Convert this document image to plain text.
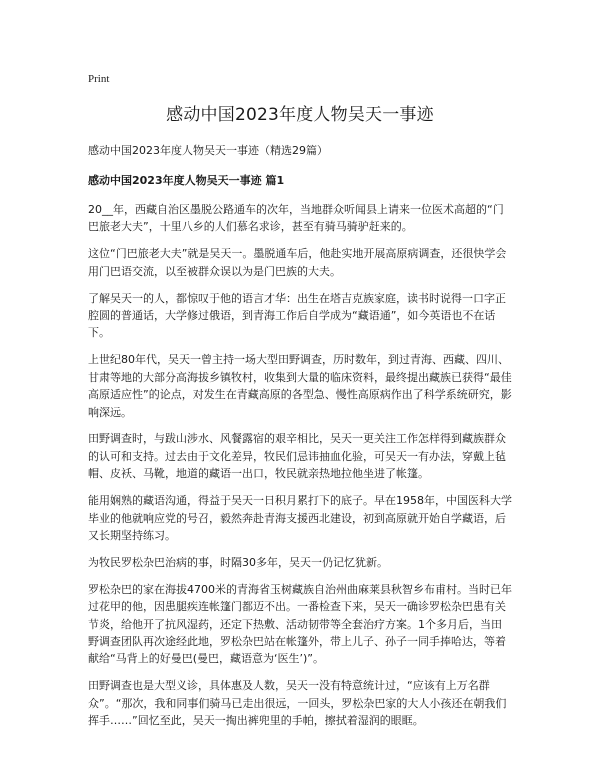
Print
感动中国2023年度人物吴天一事迹
感动中国2023年度人物吴天一事迹（精选29篇）
感动中国2023年度人物吴天一事迹 篇1

20__年，西藏自治区墨脱公路通车的次年，当地群众听闻县上请来一位医术高超的“门巴旅老大夫”，十里八乡的人们慕名求诊，甚至有骑马骑驴赶来的。

这位“门巴旅老大夫”就是吴天一。墨脱通车后，他赴实地开展高原病调查，还很快学会用门巴语交流，以至被群众误以为是门巴族的大夫。

了解吴天一的人，都惊叹于他的语言才华：出生在塔吉克族家庭，读书时说得一口字正腔圆的普通话，大学修过俄语，到青海工作后自学成为“藏语通”，如今英语也不在话下。

上世纪80年代，吴天一曾主持一场大型田野调查，历时数年，到过青海、西藏、四川、甘肃等地的大部分高海拔乡镇牧村，收集到大量的临床资料，最终提出藏族已获得“最佳高原适应性”的论点，对发生在青藏高原的各型急、慢性高原病作出了科学系统研究，影响深远。

田野调查时，与跋山涉水、风餐露宿的艰辛相比，吴天一更关注工作怎样得到藏族群众的认可和支持。过去由于文化差异，牧民们忌讳抽血化验，可吴天一有办法，穿戴上毡帽、皮袄、马靴，地道的藏语一出口，牧民就亲热地拉他坐进了帐篷。

能用娴熟的藏语沟通，得益于吴天一日积月累打下的底子。早在1958年，中国医科大学毕业的他就响应党的号召，毅然奔赴青海支援西北建设，初到高原就开始自学藏语，后又长期坚持练习。

为牧民罗松杂巴治病的事，时隔30多年，吴天一仍记忆犹新。

罗松杂巴的家在海拔4700米的青海省玉树藏族自治州曲麻莱县秋智乡布甫村。当时已年过花甲的他，因患腿疾连帐篷门都迈不出。一番检查下来，吴天一确诊罗松杂巴患有关节炎，给他开了抗风湿药，还定下热敷、活动韧带等全套治疗方案。1个多月后，当田野调查团队再次途经此地，罗松杂巴站在帐篷外，带上儿子、孙子一同手捧哈达，等着献给“马背上的好曼巴(曼巴，藏语意为‘医生’)”。

田野调查也是大型义诊，具体惠及人数，吴天一没有特意统计过，“应该有上万名群众”。“那次，我和同事们骑马已走出很远，一回头，罗松杂巴家的大人小孩还在朝我们挥手……”回忆至此，吴天一掏出裤兜里的手帕，擦拭着湿润的眼眶。
